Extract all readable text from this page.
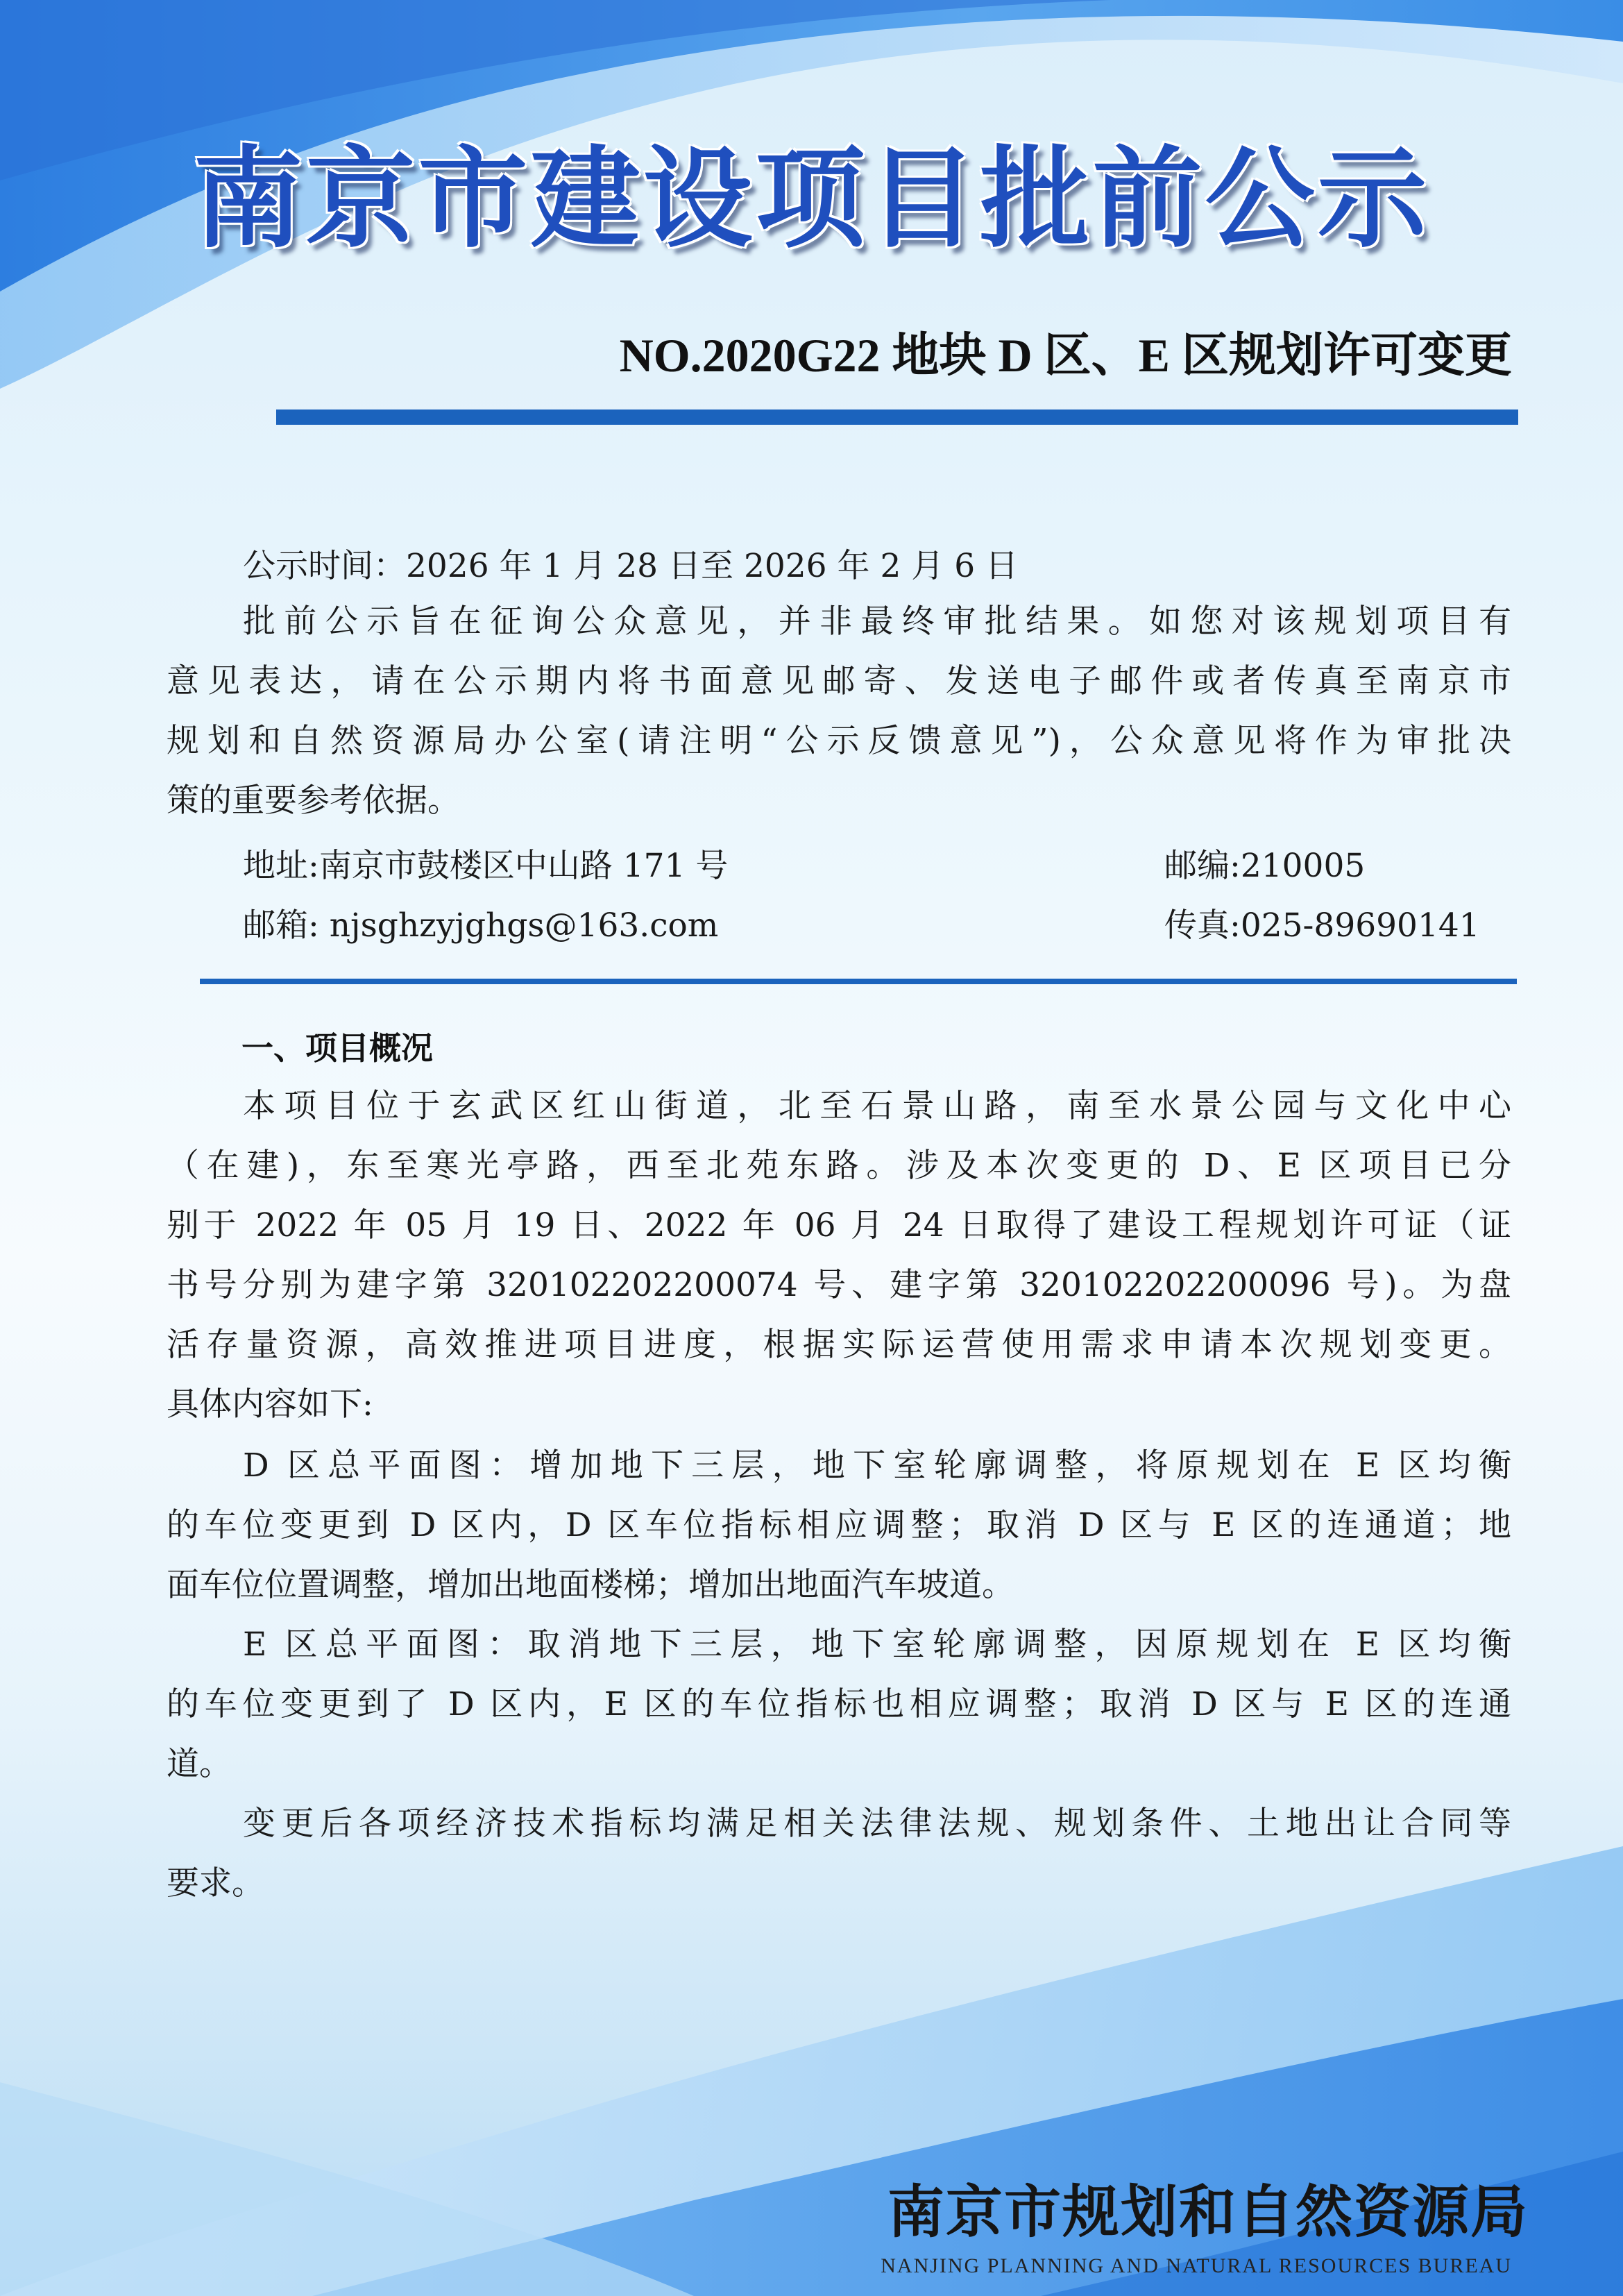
南京市建设项目批前公示
NO.2020G22 地块 D 区、E 区规划许可变更
公示时间：2026 年 1 月 28 日至 2026 年 2 月 6 日
批前公示旨在征询公众意见，并非最终审批结果。如您对该规划项目有
意见表达，请在公示期内将书面意见邮寄、发送电子邮件或者传真至南京市
规划和自然资源局办公室(请注明“公示反馈意见”)，公众意见将作为审批决
策的重要参考依据。
地址:南京市鼓楼区中山路 171 号	邮编:210005
邮箱: njsghzyjghgs@163.com	传真:025-89690141
一、项目概况
本项目位于玄武区红山街道，北至石景山路，南至水景公园与文化中心
（在建)，东至寒光亭路，西至北苑东路。涉及本次变更的 D、E 区项目已分
别于 2022 年 05 月 19 日、2022 年 06 月 24 日取得了建设工程规划许可证（证
书号分别为建字第 320102202200074 号、建字第 320102202200096 号)。为盘
活存量资源，高效推进项目进度，根据实际运营使用需求申请本次规划变更。
具体内容如下:
D 区总平面图：增加地下三层，地下室轮廓调整，将原规划在 E 区均衡
的车位变更到 D 区内，D 区车位指标相应调整；取消 D 区与 E 区的连通道；地
面车位位置调整，增加出地面楼梯；增加出地面汽车坡道。
E 区总平面图：取消地下三层，地下室轮廓调整，因原规划在 E 区均衡
的车位变更到了 D 区内，E 区的车位指标也相应调整；取消 D 区与 E 区的连通
道。
变更后各项经济技术指标均满足相关法律法规、规划条件、土地出让合同等
要求。
南京市规划和自然资源局
NANJING PLANNING AND NATURAL RESOURCES BUREAU
